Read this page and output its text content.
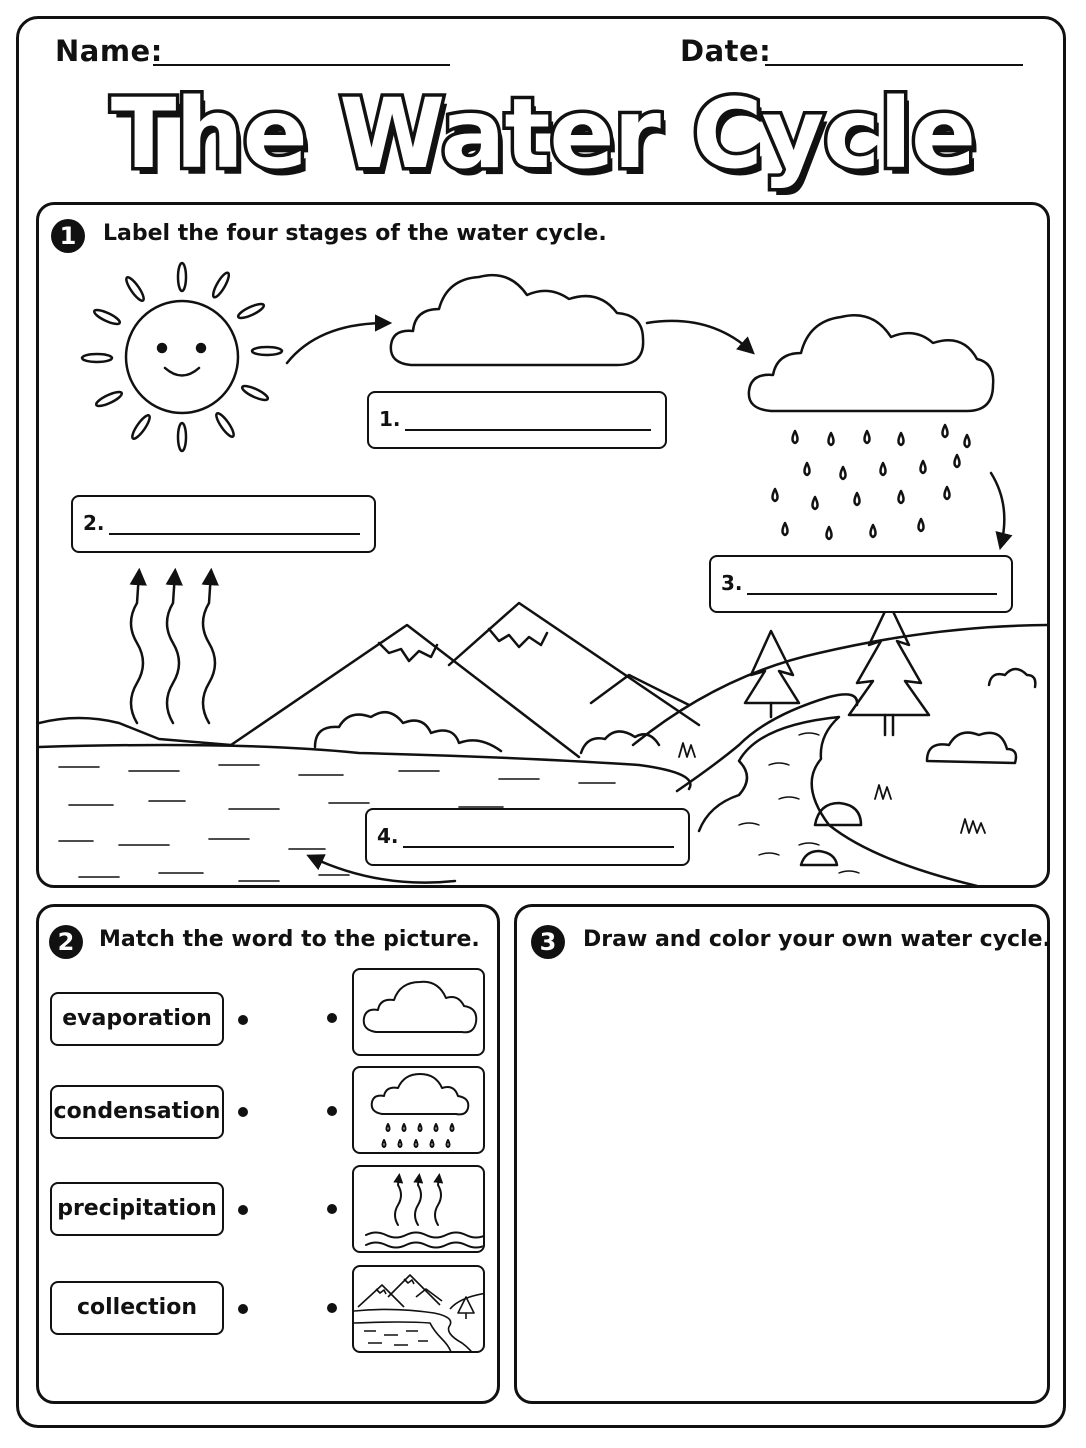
Name:	Date:
The Water Cycle
1	Label the four stages of the water cycle.
1.
2.
3.
4.
2	Match the word to the picture.
evaporation
condensation
precipitation
collection
3	Draw and color your own water cycle.
